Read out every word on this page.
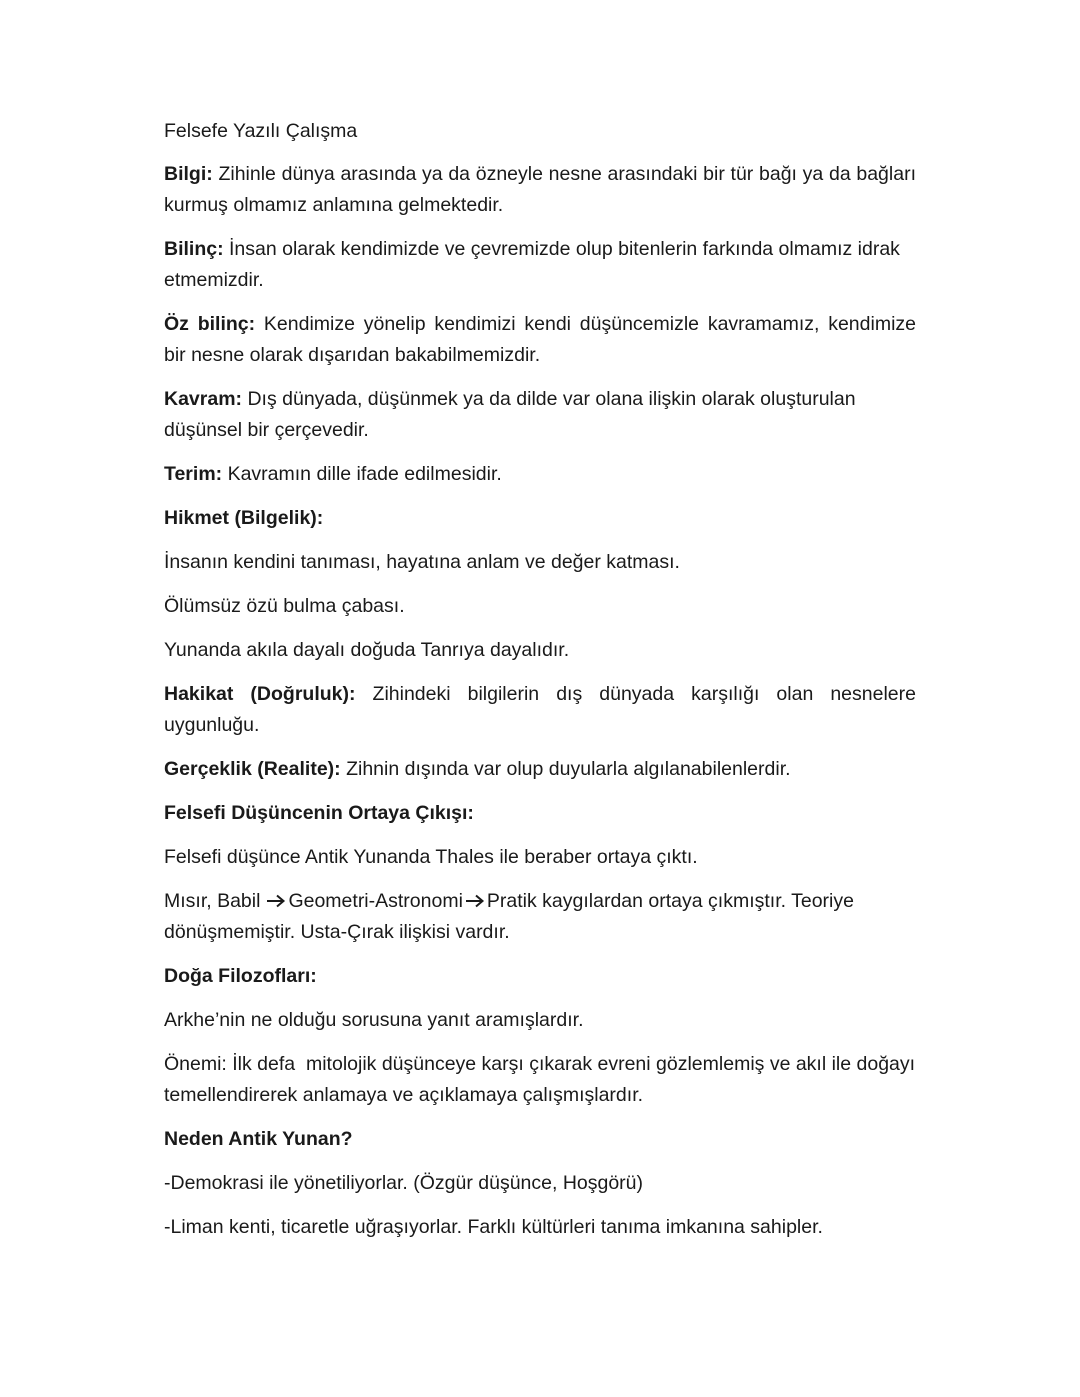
Felsefe Yazılı Çalışma

Bilgi: Zihinle dünya arasında ya da özneyle nesne arasındaki bir tür bağı ya da bağları kurmuş olmamız anlamına gelmektedir.

Bilinç: İnsan olarak kendimizde ve çevremizde olup bitenlerin farkında olmamız idrak etmemizdir.

Öz bilinç: Kendimize yönelip kendimizi kendi düşüncemizle kavramamız, kendimize bir nesne olarak dışarıdan bakabilmemizdir.

Kavram: Dış dünyada, düşünmek ya da dilde var olana ilişkin olarak oluşturulan düşünsel bir çerçevedir.

Terim: Kavramın dille ifade edilmesidir.

Hikmet (Bilgelik):

İnsanın kendini tanıması, hayatına anlam ve değer katması.

Ölümsüz özü bulma çabası.

Yunanda akıla dayalı doğuda Tanrıya dayalıdır.

Hakikat (Doğruluk): Zihindeki bilgilerin dış dünyada karşılığı olan nesnelere uygunluğu.

Gerçeklik (Realite): Zihnin dışında var olup duyularla algılanabilenlerdir.

Felsefi Düşüncenin Ortaya Çıkışı:

Felsefi düşünce Antik Yunanda Thales ile beraber ortaya çıktı.

Mısır, Babil Geometri-Astronomi Pratik kaygılardan ortaya çıkmıştır. Teoriye dönüşmemiştir. Usta-Çırak ilişkisi vardır.

Doğa Filozofları:

Arkhe’nin ne olduğu sorusuna yanıt aramışlardır.

Önemi: İlk defa  mitolojik düşünceye karşı çıkarak evreni gözlemlemiş ve akıl ile doğayı temellendirerek anlamaya ve açıklamaya çalışmışlardır.

Neden Antik Yunan?

-Demokrasi ile yönetiliyorlar. (Özgür düşünce, Hoşgörü)

-Liman kenti, ticaretle uğraşıyorlar. Farklı kültürleri tanıma imkanına sahipler.
